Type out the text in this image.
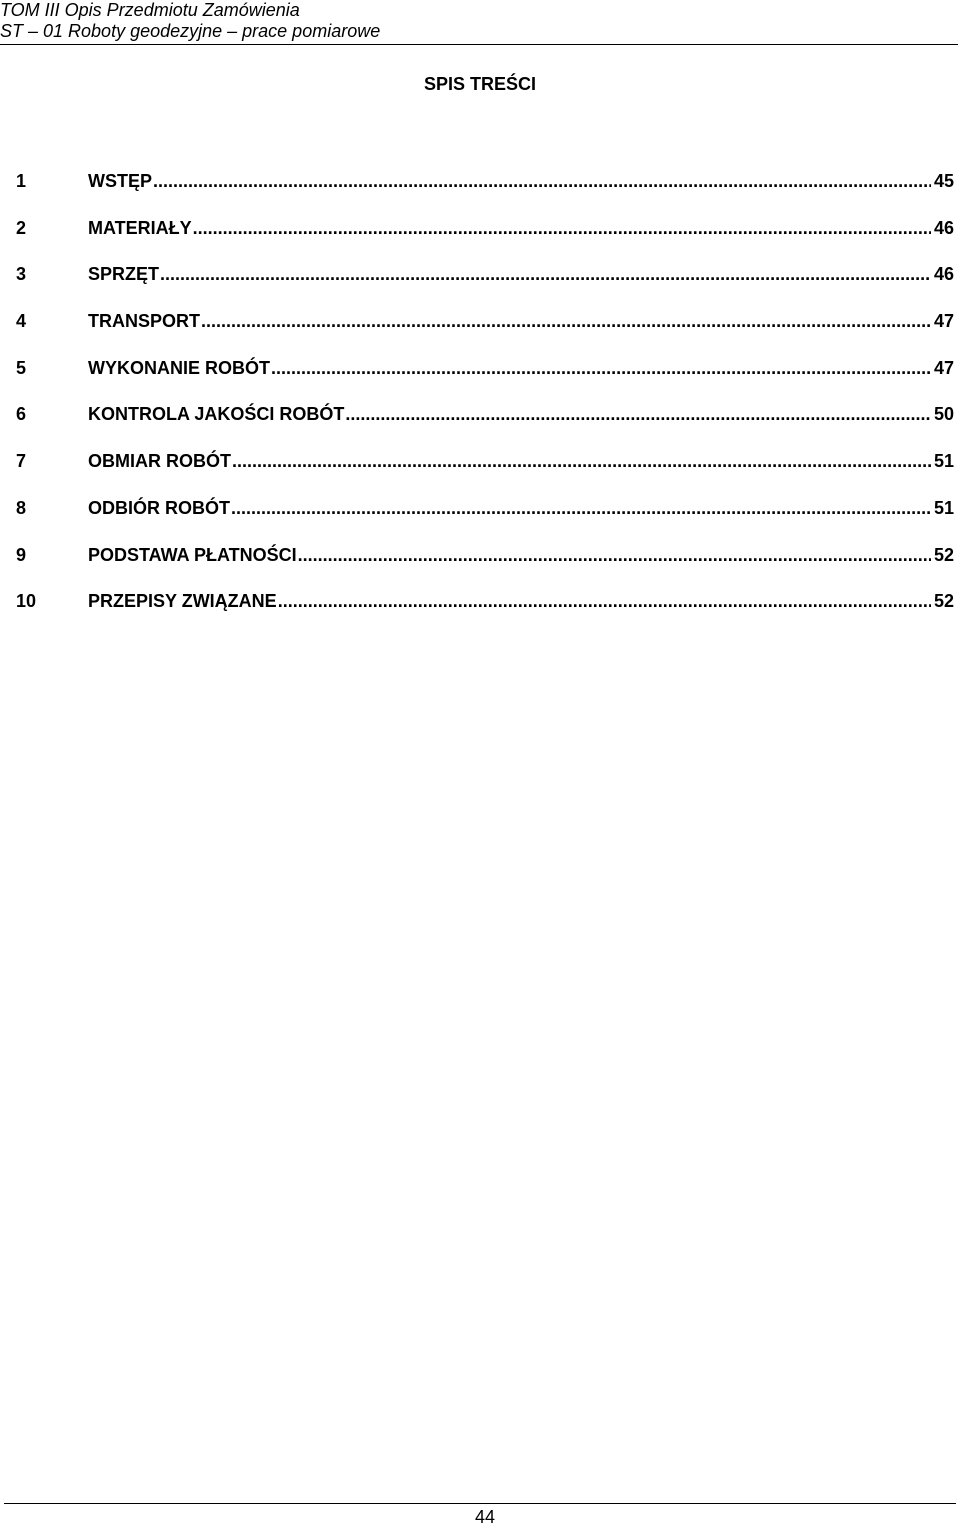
TOM III Opis Przedmiotu Zamówienia
ST – 01 Roboty geodezyjne – prace pomiarowe
SPIS TREŚCI
1	WSTĘP .....	45
2	MATERIAŁY .....	46
3	SPRZĘT .....	46
4	TRANSPORT .....	47
5	WYKONANIE ROBÓT .....	47
6	KONTROLA JAKOŚCI ROBÓT .....	50
7	OBMIAR ROBÓT .....	51
8	ODBIÓR ROBÓT .....	51
9	PODSTAWA PŁATNOŚCI .....	52
10	PRZEPISY ZWIĄZANE .....	52
44
